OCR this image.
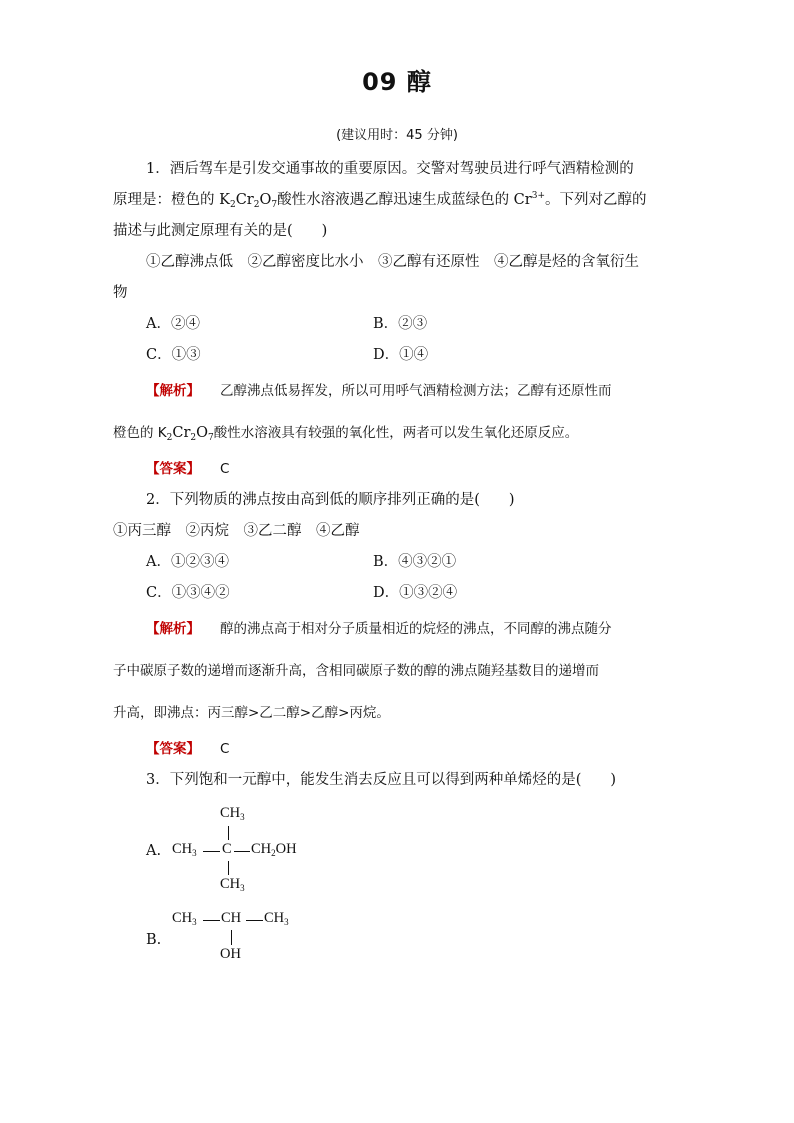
09 醇
(建议用时：45 分钟)
1．酒后驾车是引发交通事故的重要原因。交警对驾驶员进行呼气酒精检测的
原理是：橙色的 $K_2Cr_2O_7$酸性水溶液遇乙醇迅速生成蓝绿色的 $Cr^{3+}$。下列对乙醇的
描述与此测定原理有关的是(　　)
①乙醇沸点低　②乙醇密度比水小　③乙醇有还原性　④乙醇是烃的含氧衍生
物
A．②④	B．②③
C．①③	D．①④
【解析】 乙醇沸点低易挥发，所以可用呼气酒精检测方法；乙醇有还原性而
橙色的 $K_2Cr_2O_7$酸性水溶液具有较强的氧化性，两者可以发生氧化还原反应。
【答案】 C
2．下列物质的沸点按由高到低的顺序排列正确的是(　　)
①丙三醇　②丙烷　③乙二醇　④乙醇
A．①②③④	B．④③②①
C．①③④②	D．①③②④
【解析】 醇的沸点高于相对分子质量相近的烷烃的沸点，不同醇的沸点随分
子中碳原子数的递增而逐渐升高，含相同碳原子数的醇的沸点随羟基数目的递增而
升高，即沸点：丙三醇>乙二醇>乙醇>丙烷。
【答案】 C
3．下列饱和一元醇中，能发生消去反应且可以得到两种单烯烃的是(　　)
A.
$CH_3$
$CH_3$ C $CH_2OH$
$CH_3$
B.
$CH_3$ CH $CH_3$
OH
